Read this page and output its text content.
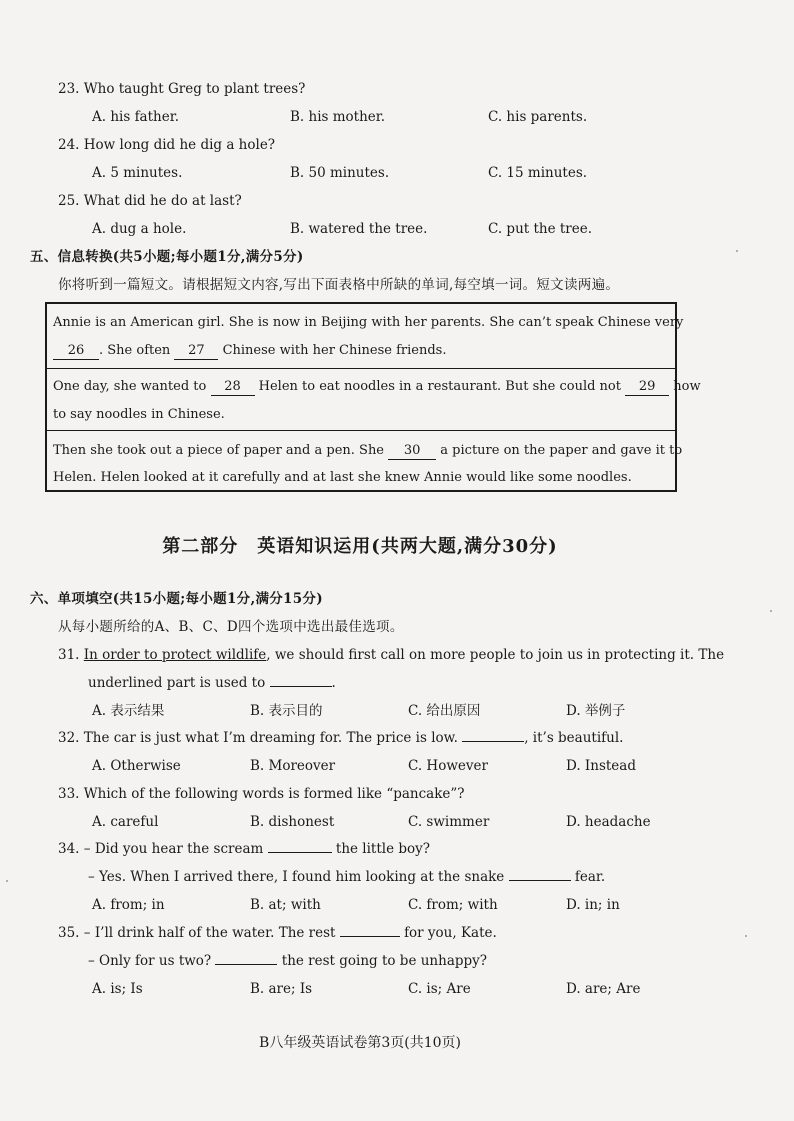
23. Who taught Greg to plant trees?
A. his father.	B. his mother.	C. his parents.
24. How long did he dig a hole?
A. 5 minutes.	B. 50 minutes.	C. 15 minutes.
25. What did he do at last?
A. dug a hole.	B. watered the tree.	C. put the tree.
五、信息转换(共5小题;每小题1分,满分5分)
你将听到一篇短文。请根据短文内容,写出下面表格中所缺的单词,每空填一词。短文读两遍。
Annie is an American girl. She is now in Beijing with her parents. She can’t speak Chinese very
26 . She often 27 Chinese with her Chinese friends.
One day, she wanted to 28 Helen to eat noodles in a restaurant. But she could not 29 how
to say noodles in Chinese.
Then she took out a piece of paper and a pen. She 30 a picture on the paper and gave it to
Helen. Helen looked at it carefully and at last she knew Annie would like some noodles.
第二部分　英语知识运用(共两大题,满分30分)
六、单项填空(共15小题;每小题1分,满分15分)
从每小题所给的A、B、C、D四个选项中选出最佳选项。
31. In order to protect wildlife, we should first call on more people to join us in protecting it. The
underlined part is used to	.
A. 表示结果	B. 表示目的	C. 给出原因	D. 举例子
32. The car is just what I’m dreaming for. The price is low.	, it’s beautiful.
A. Otherwise	B. Moreover	C. However	D. Instead
33. Which of the following words is formed like “pancake”?
A. careful	B. dishonest	C. swimmer	D. headache
34. – Did you hear the scream	the little boy?
– Yes. When I arrived there, I found him looking at the snake	fear.
A. from; in	B. at; with	C. from; with	D. in; in
35. – I’ll drink half of the water. The rest	for you, Kate.
– Only for us two?	the rest going to be unhappy?
A. is; Is	B. are; Is	C. is; Are	D. are; Are
B八年级英语试卷第3页(共10页)
